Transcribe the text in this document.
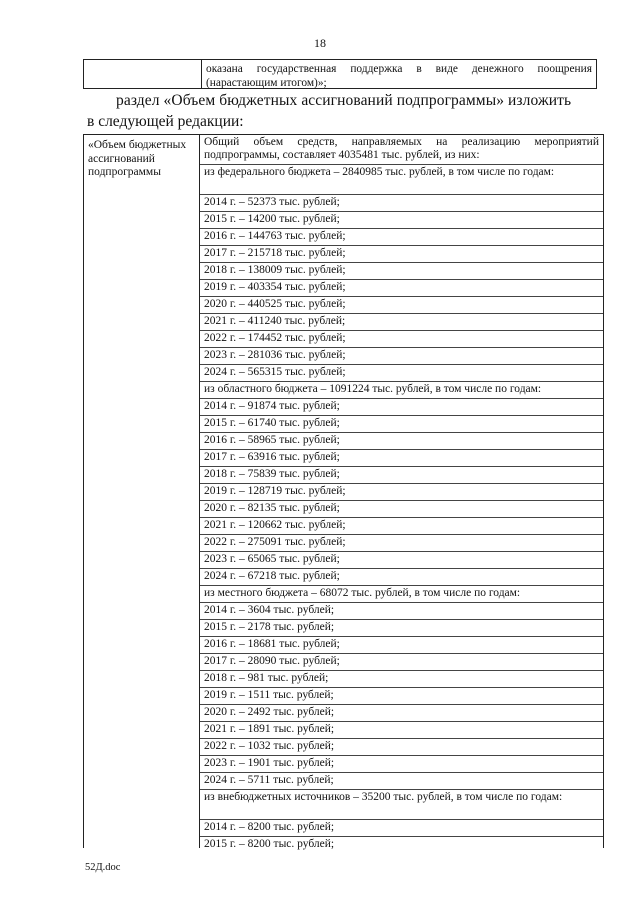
18
оказана государственная поддержка в виде денежного поощрения (нарастающим итогом)»;
раздел «Объем бюджетных ассигнований подпрограммы» изложить
в следующей редакции:
«Объем бюджетных ассигнований подпрограммы
Общий объем средств, направляемых на реализацию мероприятий подпрограммы, составляет 4035481 тыс. рублей, из них:
из федерального бюджета – 2840985 тыс. рублей, в том числе по годам:
2014 г. – 52373 тыс. рублей;
2015 г. – 14200 тыс. рублей;
2016 г. – 144763 тыс. рублей;
2017 г. – 215718 тыс. рублей;
2018 г. – 138009 тыс. рублей;
2019 г. – 403354 тыс. рублей;
2020 г. – 440525 тыс. рублей;
2021 г. – 411240 тыс. рублей;
2022 г. – 174452 тыс. рублей;
2023 г. – 281036 тыс. рублей;
2024 г. – 565315 тыс. рублей;
из областного бюджета – 1091224 тыс. рублей, в том числе по годам:
2014 г. – 91874 тыс. рублей;
2015 г. – 61740 тыс. рублей;
2016 г. – 58965 тыс. рублей;
2017 г. – 63916 тыс. рублей;
2018 г. – 75839 тыс. рублей;
2019 г. – 128719 тыс. рублей;
2020 г. – 82135 тыс. рублей;
2021 г. – 120662 тыс. рублей;
2022 г. – 275091 тыс. рублей;
2023 г. – 65065 тыс. рублей;
2024 г. – 67218 тыс. рублей;
из местного бюджета – 68072 тыс. рублей, в том числе по годам:
2014 г. – 3604 тыс. рублей;
2015 г. – 2178 тыс. рублей;
2016 г. – 18681 тыс. рублей;
2017 г. – 28090 тыс. рублей;
2018 г. – 981 тыс. рублей;
2019 г. – 1511 тыс. рублей;
2020 г. – 2492 тыс. рублей;
2021 г. – 1891 тыс. рублей;
2022 г. – 1032 тыс. рублей;
2023 г. – 1901 тыс. рублей;
2024 г. – 5711 тыс. рублей;
из внебюджетных источников – 35200 тыс. рублей, в том числе по годам:
2014 г. – 8200 тыс. рублей;
2015 г. – 8200 тыс. рублей;
52Д.doc
